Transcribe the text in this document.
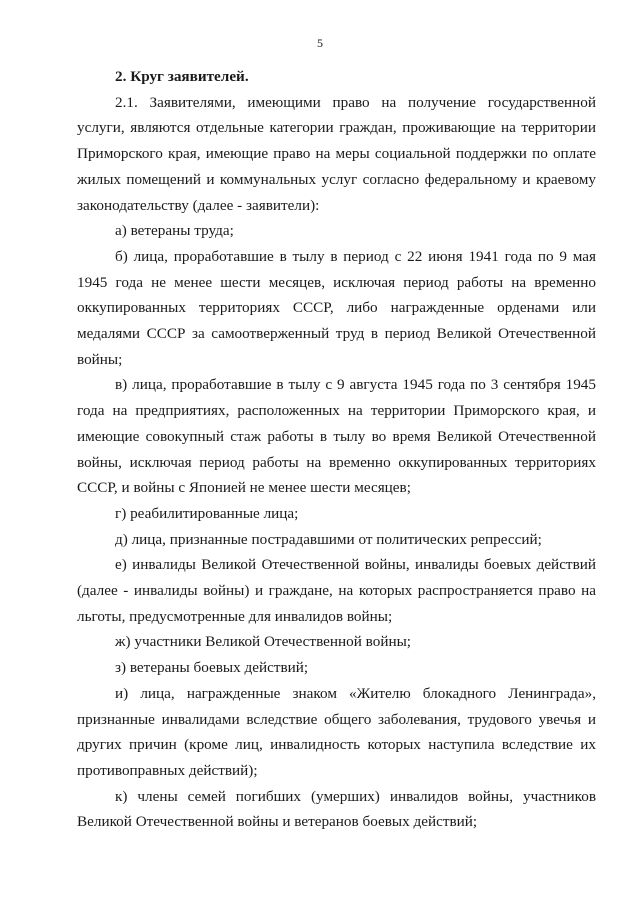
5

2. Круг заявителей.

2.1. Заявителями, имеющими право на получение государственной услуги, являются отдельные категории граждан, проживающие на территории Приморского края, имеющие право на меры социальной поддержки по оплате жилых помещений и коммунальных услуг согласно федеральному и краевому законодательству (далее - заявители):

а) ветераны труда;

б) лица, проработавшие в тылу в период с 22 июня 1941 года по 9 мая 1945 года не менее шести месяцев, исключая период работы на временно оккупированных территориях СССР, либо награжденные орденами или медалями СССР за самоотверженный труд в период Великой Отечественной войны;

в) лица, проработавшие в тылу с 9 августа 1945 года по 3 сентября 1945 года на предприятиях, расположенных на территории Приморского края, и имеющие совокупный стаж работы в тылу во время Великой Отечественной войны, исключая период работы на временно оккупированных территориях СССР, и войны с Японией не менее шести месяцев;

г) реабилитированные лица;

д) лица, признанные пострадавшими от политических репрессий;

е) инвалиды Великой Отечественной войны, инвалиды боевых действий (далее - инвалиды войны) и граждане, на которых распространяется право на льготы, предусмотренные для инвалидов войны;

ж) участники Великой Отечественной войны;

з) ветераны боевых действий;

и) лица, награжденные знаком «Жителю блокадного Ленинграда», признанные инвалидами вследствие общего заболевания, трудового увечья и других причин (кроме лиц, инвалидность которых наступила вследствие их противоправных действий);

к) члены семей погибших (умерших) инвалидов войны, участников Великой Отечественной войны и ветеранов боевых действий;
